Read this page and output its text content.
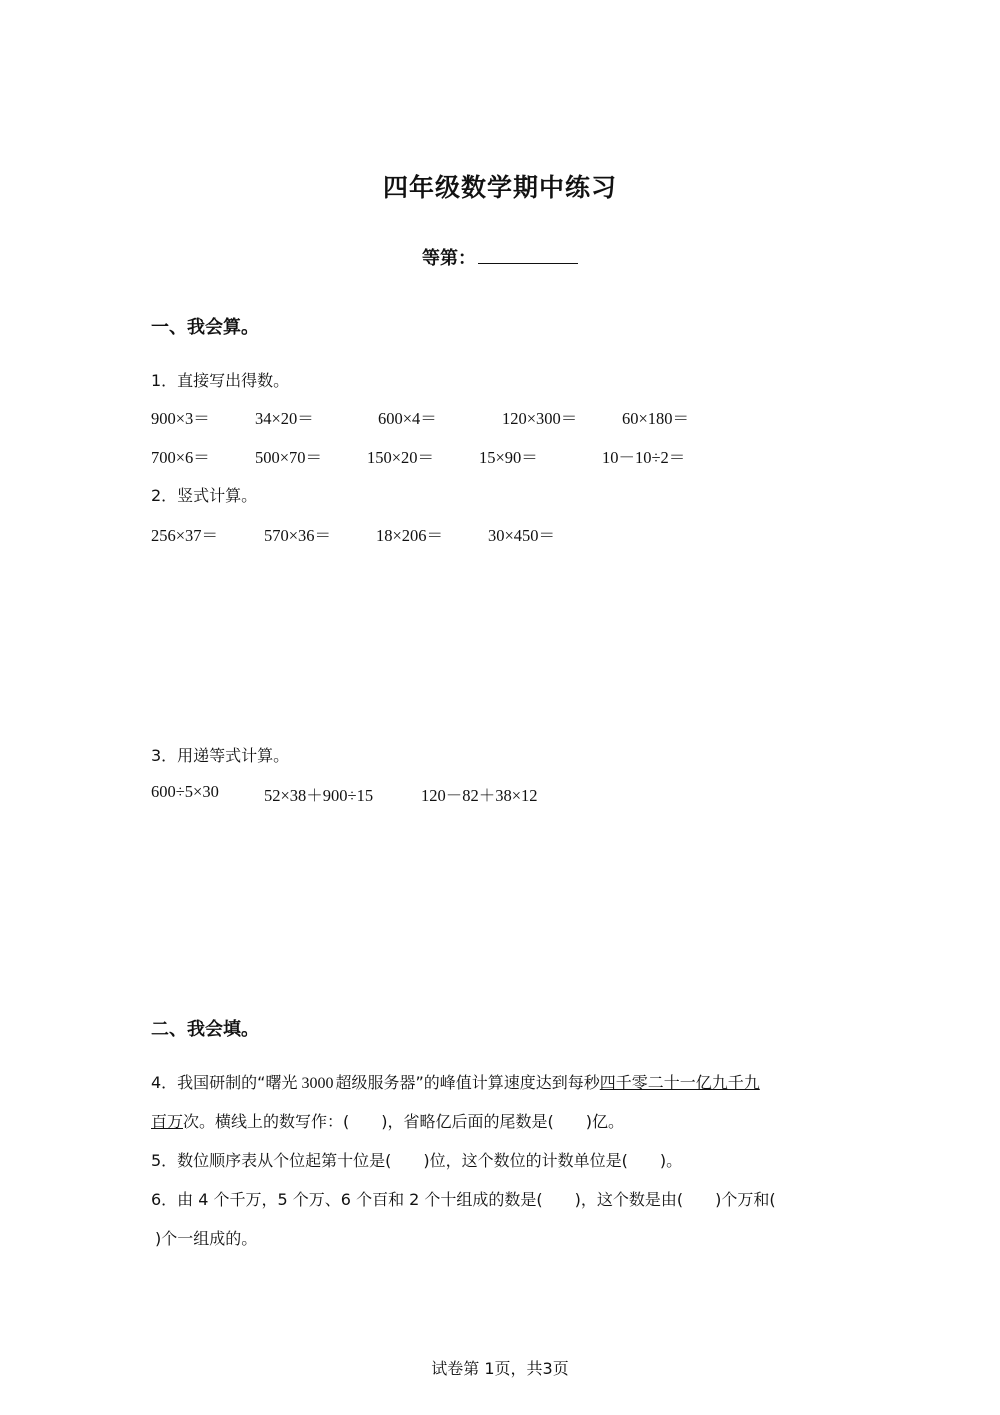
四年级数学期中练习
等第：
一、我会算。
1．直接写出得数。
900×3＝	34×20＝	600×4＝	120×300＝	60×180＝
700×6＝	500×70＝	150×20＝	15×90＝	10－10÷2＝
2．竖式计算。
256×37＝	570×36＝	18×206＝	30×450＝
3．用递等式计算。
600÷5×30	52×38＋900÷15	120－82＋38×12
二、我会填。
4．我国研制的“曙光 3000 超级服务器”的峰值计算速度达到每秒四千零二十一亿九千九
百万次。横线上的数写作：(　　)，省略亿后面的尾数是(　　)亿。
5．数位顺序表从个位起第十位是(　　)位，这个数位的计数单位是(　　)。
6．由 4 个千万，5 个万、6 个百和 2 个十组成的数是(　　)，这个数是由(　　)个万和(
)个一组成的。
试卷第 1页，共3页
